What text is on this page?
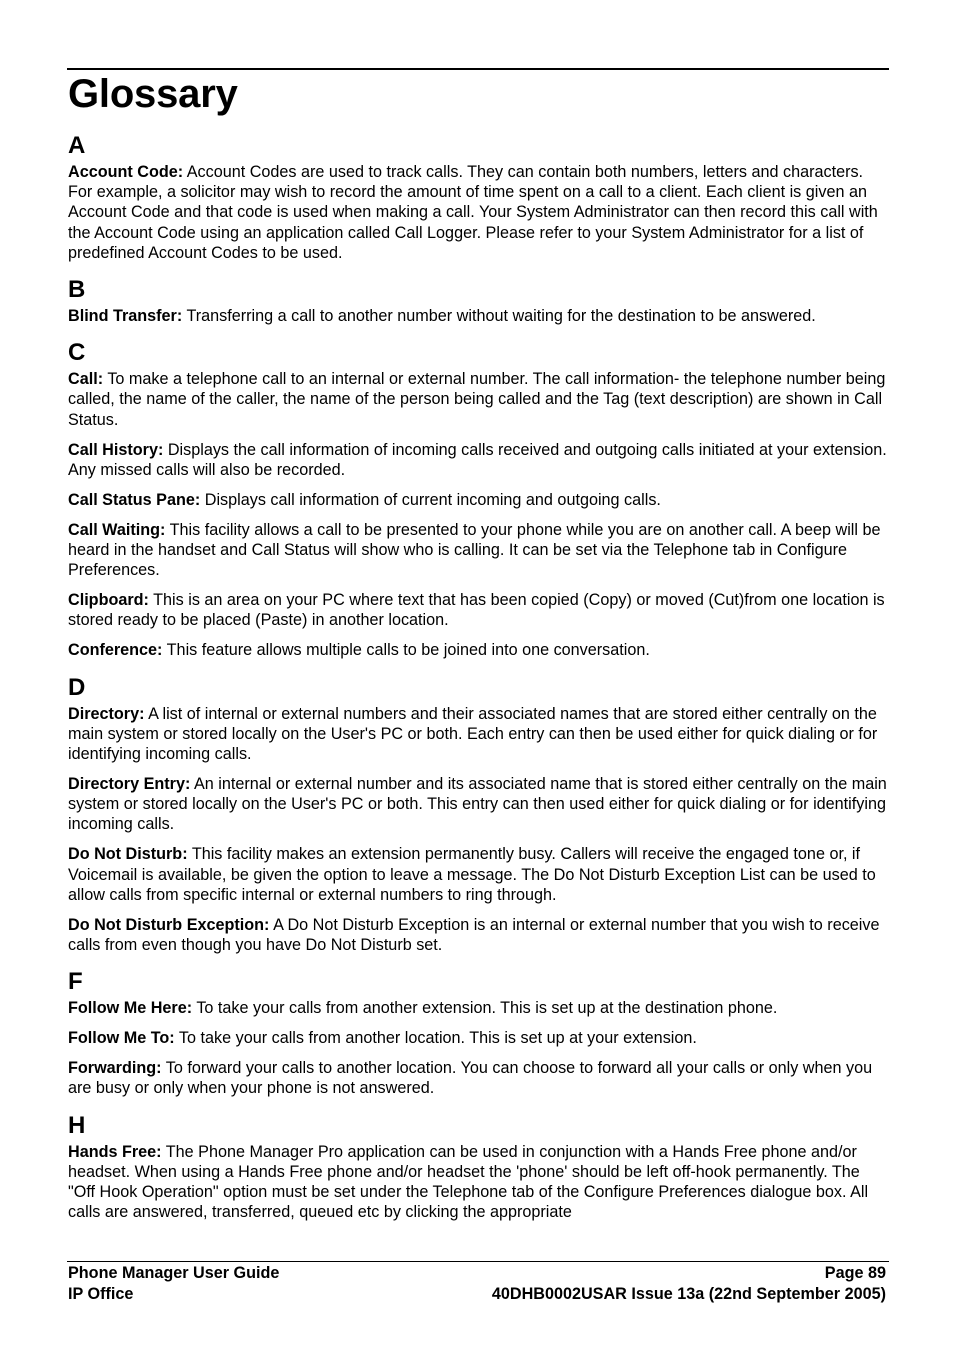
Glossary
A

Account Code: Account Codes are used to track calls. They can contain both numbers, letters and characters. For example, a solicitor may wish to record the amount of time spent on a call to a client. Each client is given an Account Code and that code is used when making a call. Your System Administrator can then record this call with the Account Code using an application called Call Logger. Please refer to your System Administrator for a list of predefined Account Codes to be used.

B

Blind Transfer: Transferring a call to another number without waiting for the destination to be answered.

C

Call: To make a telephone call to an internal or external number. The call information- the telephone number being called, the name of the caller, the name of the person being called and the Tag (text description) are shown in Call Status.

Call History: Displays the call information of incoming calls received and outgoing calls initiated at your extension. Any missed calls will also be recorded.

Call Status Pane: Displays call information of current incoming and outgoing calls.

Call Waiting: This facility allows a call to be presented to your phone while you are on another call. A beep will be heard in the handset and Call Status will show who is calling. It can be set via the Telephone tab in Configure Preferences.

Clipboard: This is an area on your PC where text that has been copied (Copy) or moved (Cut)from one location is stored ready to be placed (Paste) in another location.

Conference: This feature allows multiple calls to be joined into one conversation.

D

Directory: A list of internal or external numbers and their associated names that are stored either centrally on the main system or stored locally on the User's PC or both. Each entry can then be used either for quick dialing or for identifying incoming calls.

Directory Entry: An internal or external number and its associated name that is stored either centrally on the main system or stored locally on the User's PC or both. This entry can then used either for quick dialing or for identifying incoming calls.

Do Not Disturb: This facility makes an extension permanently busy. Callers will receive the engaged tone or, if Voicemail is available, be given the option to leave a message. The Do Not Disturb Exception List can be used to allow calls from specific internal or external numbers to ring through.

Do Not Disturb Exception: A Do Not Disturb Exception is an internal or external number that you wish to receive calls from even though you have Do Not Disturb set.

F

Follow Me Here: To take your calls from another extension. This is set up at the destination phone.

Follow Me To: To take your calls from another location. This is set up at your extension.

Forwarding: To forward your calls to another location. You can choose to forward all your calls or only when you are busy or only when your phone is not answered.

H

Hands Free: The Phone Manager Pro application can be used in conjunction with a Hands Free phone and/or headset. When using a Hands Free phone and/or headset the 'phone' should be left off-hook permanently. The "Off Hook Operation" option must be set under the Telephone tab of the Configure Preferences dialogue box. All calls are answered, transferred, queued etc by clicking the appropriate

Phone Manager User Guide	Page 89
IP Office	40DHB0002USAR Issue 13a (22nd September 2005)
